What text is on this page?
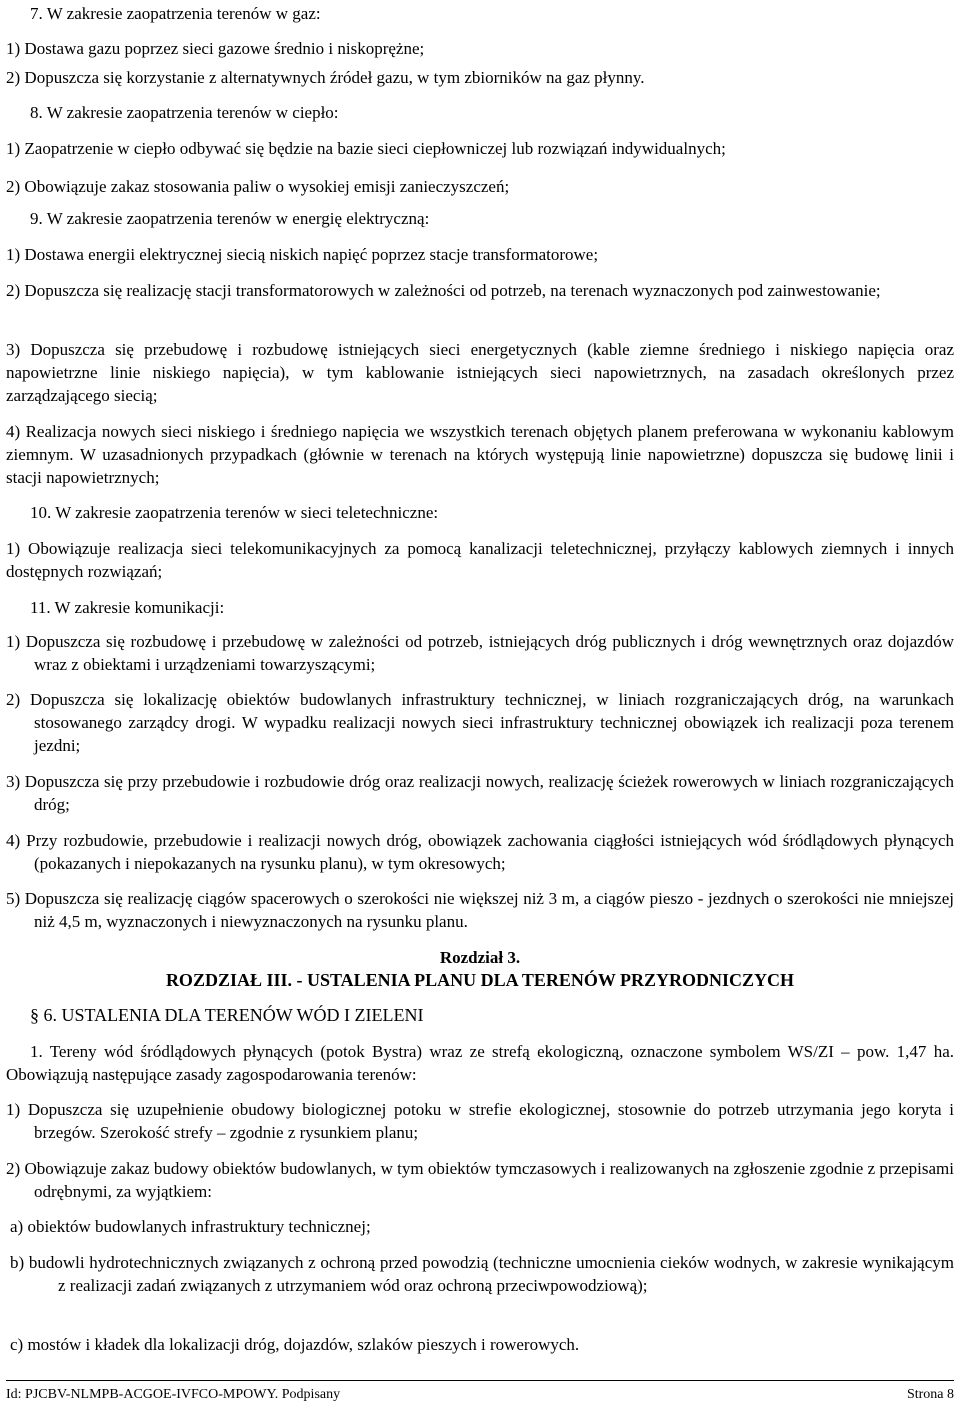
7. W zakresie zaopatrzenia terenów w gaz:

1) Dostawa gazu poprzez sieci gazowe średnio i niskoprężne;

2) Dopuszcza się korzystanie z alternatywnych źródeł gazu, w tym zbiorników na gaz płynny.

8. W zakresie zaopatrzenia terenów w ciepło:

1) Zaopatrzenie w ciepło odbywać się będzie na bazie sieci ciepłowniczej lub rozwiązań indywidualnych;

2) Obowiązuje zakaz stosowania paliw o wysokiej emisji zanieczyszczeń;

9. W zakresie zaopatrzenia terenów w energię elektryczną:

1) Dostawa energii elektrycznej siecią niskich napięć poprzez stacje transformatorowe;

2) Dopuszcza się realizację stacji transformatorowych w zależności od potrzeb, na terenach wyznaczonych pod zainwestowanie;

3) Dopuszcza się przebudowę i rozbudowę istniejących sieci energetycznych (kable ziemne średniego i niskiego napięcia oraz napowietrzne linie niskiego napięcia), w tym kablowanie istniejących sieci napowietrznych, na zasadach określonych przez zarządzającego siecią;

4) Realizacja nowych sieci niskiego i średniego napięcia we wszystkich terenach objętych planem preferowana w wykonaniu kablowym ziemnym. W uzasadnionych przypadkach (głównie w terenach na których występują linie napowietrzne) dopuszcza się budowę linii i stacji napowietrznych;

10. W zakresie zaopatrzenia terenów w sieci teletechniczne:

1) Obowiązuje realizacja sieci telekomunikacyjnych za pomocą kanalizacji teletechnicznej, przyłączy kablowych ziemnych i innych dostępnych rozwiązań;

11. W zakresie komunikacji:

1) Dopuszcza się rozbudowę i przebudowę w zależności od potrzeb, istniejących dróg publicznych i dróg wewnętrznych oraz dojazdów wraz z obiektami i urządzeniami towarzyszącymi;

2) Dopuszcza się lokalizację obiektów budowlanych infrastruktury technicznej, w liniach rozgraniczających dróg, na warunkach stosowanego zarządcy drogi. W wypadku realizacji nowych sieci infrastruktury technicznej obowiązek ich realizacji poza terenem jezdni;

3) Dopuszcza się przy przebudowie i rozbudowie dróg oraz realizacji nowych, realizację ścieżek rowerowych w liniach rozgraniczających dróg;

4) Przy rozbudowie, przebudowie i realizacji nowych dróg, obowiązek zachowania ciągłości istniejących wód śródlądowych płynących (pokazanych i niepokazanych na rysunku planu), w tym okresowych;

5) Dopuszcza się realizację ciągów spacerowych o szerokości nie większej niż 3 m, a ciągów pieszo - jezdnych o szerokości nie mniejszej niż 4,5 m, wyznaczonych i niewyznaczonych na rysunku planu.

Rozdział 3.

ROZDZIAŁ III. - USTALENIA PLANU DLA TERENÓW PRZYRODNICZYCH

§ 6. USTALENIA DLA TERENÓW WÓD I ZIELENI

1. Tereny wód śródlądowych płynących (potok Bystra) wraz ze strefą ekologiczną, oznaczone symbolem WS/ZI – pow. 1,47 ha. Obowiązują następujące zasady zagospodarowania terenów:

1) Dopuszcza się uzupełnienie obudowy biologicznej potoku w strefie ekologicznej, stosownie do potrzeb utrzymania jego koryta i brzegów. Szerokość strefy – zgodnie z rysunkiem planu;

2) Obowiązuje zakaz budowy obiektów budowlanych, w tym obiektów tymczasowych i realizowanych na zgłoszenie zgodnie z przepisami odrębnymi, za wyjątkiem:

a) obiektów budowlanych infrastruktury technicznej;

b) budowli hydrotechnicznych związanych z ochroną przed powodzią (techniczne umocnienia cieków wodnych, w zakresie wynikającym z realizacji zadań związanych z utrzymaniem wód oraz ochroną przeciwpowodziową);

c) mostów i kładek dla lokalizacji dróg, dojazdów, szlaków pieszych i rowerowych.

Id: PJCBV-NLMPB-ACGOE-IVFCO-MPOWY. Podpisany	Strona 8
